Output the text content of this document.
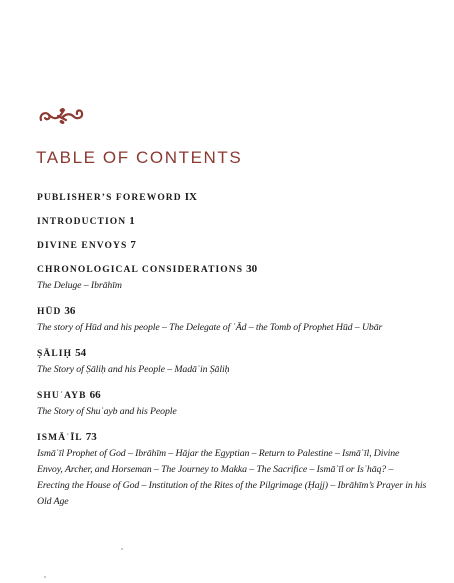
TABLE OF CONTENTS
PUBLISHER’S FOREWORD IX
INTRODUCTION 1
DIVINE ENVOYS 7
CHRONOLOGICAL CONSIDERATIONS 30
The Deluge – Ibrāhīm
HŪD 36
The story of Hūd and his people – The Delegate of ʿĀd – the Tomb of Prophet Hūd – Ubār
ṢĀLIḤ 54
The Story of Ṣāliḥ and his People – Madāʾin Ṣāliḥ
SHUʿAYB 66
The Story of Shuʿayb and his People
ISMĀʿĪL 73
Ismāʿīl Prophet of God – Ibrāhīm – Hājar the Egyptian – Return to Palestine – Ismāʿīl, Divine Envoy, Archer, and Horseman – The Journey to Makka – The Sacrifice – Ismāʿīl or Isʾhāq? – Erecting the House of God – Institution of the Rites of the Pilgrimage (Ḥajj) – Ibrāhīm’s Prayer in his Old Age
